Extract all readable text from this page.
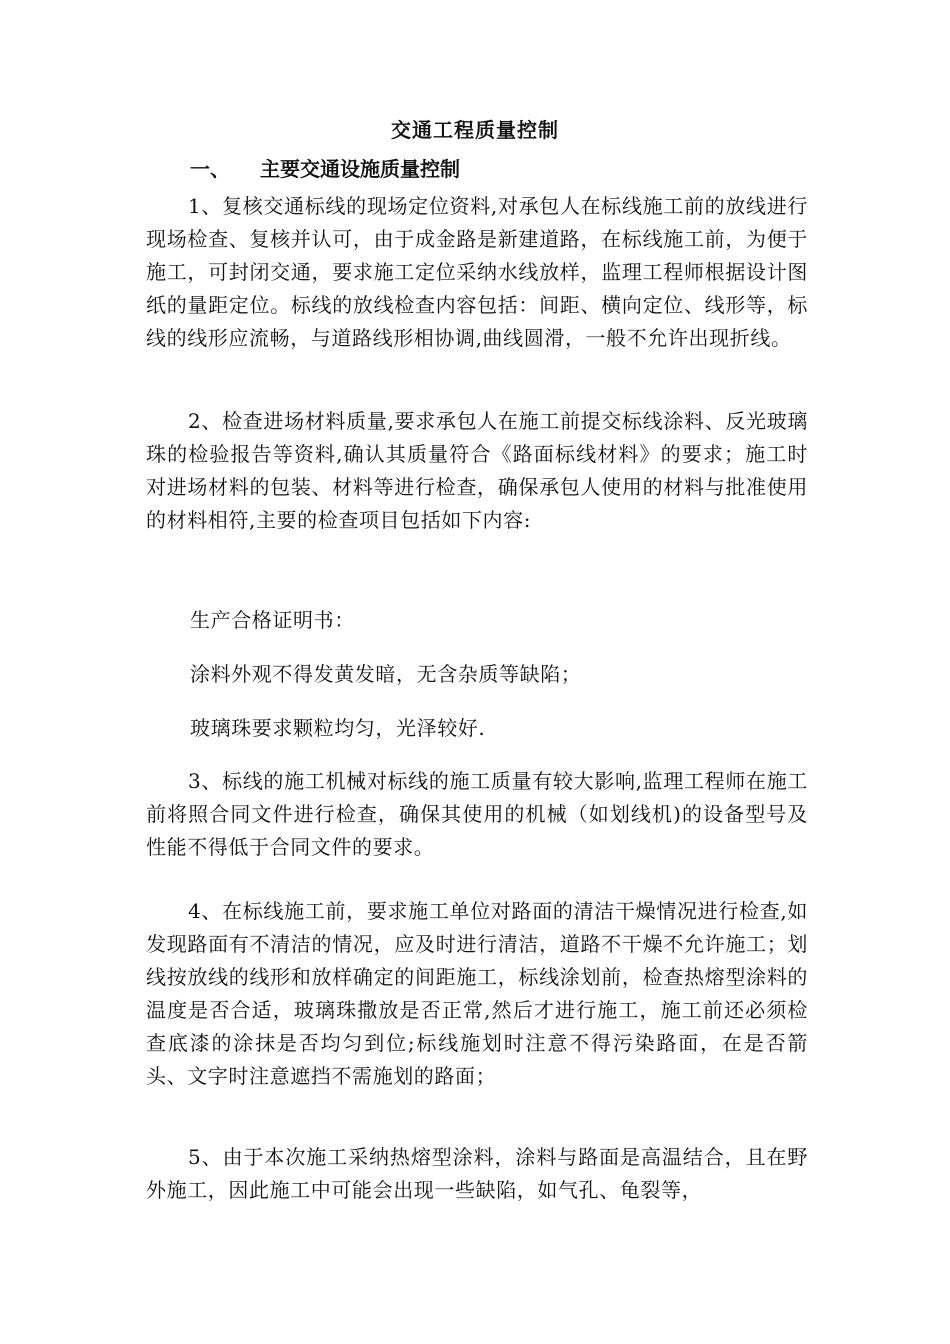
交通工程质量控制
一、 主要交通设施质量控制

1、复核交通标线的现场定位资料,对承包人在标线施工前的放线进行现场检查、复核并认可，由于成金路是新建道路，在标线施工前，为便于施工，可封闭交通，要求施工定位采纳水线放样，监理工程师根据设计图纸的量距定位。标线的放线检查内容包括：间距、横向定位、线形等，标线的线形应流畅，与道路线形相协调,曲线圆滑，一般不允许出现折线。

2、检查进场材料质量,要求承包人在施工前提交标线涂料、反光玻璃珠的检验报告等资料,确认其质量符合《路面标线材料》的要求；施工时对进场材料的包装、材料等进行检查，确保承包人使用的材料与批准使用的材料相符,主要的检查项目包括如下内容:

生产合格证明书：

涂料外观不得发黄发暗，无含杂质等缺陷；

玻璃珠要求颗粒均匀，光泽较好.

3、标线的施工机械对标线的施工质量有较大影响,监理工程师在施工前将照合同文件进行检查，确保其使用的机械（如划线机)的设备型号及性能不得低于合同文件的要求。

4、在标线施工前，要求施工单位对路面的清洁干燥情况进行检查,如发现路面有不清洁的情况，应及时进行清洁，道路不干燥不允许施工；划线按放线的线形和放样确定的间距施工，标线涂划前，检查热熔型涂料的温度是否合适，玻璃珠撒放是否正常,然后才进行施工，施工前还必须检查底漆的涂抹是否均匀到位;标线施划时注意不得污染路面，在是否箭头、文字时注意遮挡不需施划的路面；

5、由于本次施工采纳热熔型涂料，涂料与路面是高温结合，且在野外施工，因此施工中可能会出现一些缺陷，如气孔、龟裂等，
